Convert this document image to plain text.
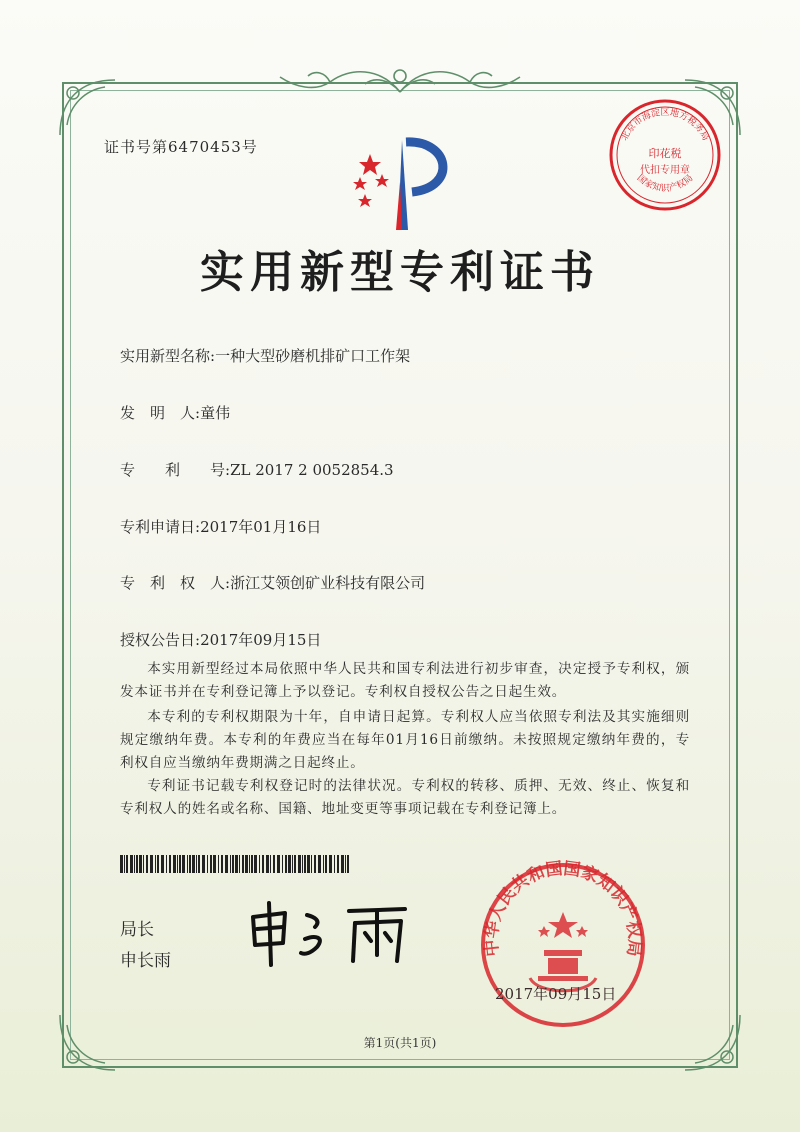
证书号第6470453号
北京市海淀区地方税务局
印花税
代扣专用章
国家知识产权局
实用新型专利证书
实用新型名称:一种大型砂磨机排矿口工作架
发　明　人:童伟
专　　利　　号:ZL 2017 2 0052854.3
专利申请日:2017年01月16日
专　利　权　人:浙江艾领创矿业科技有限公司
授权公告日:2017年09月15日
本实用新型经过本局依照中华人民共和国专利法进行初步审查，决定授予专利权，颁发本证书并在专利登记簿上予以登记。专利权自授权公告之日起生效。
本专利的专利权期限为十年，自申请日起算。专利权人应当依照专利法及其实施细则规定缴纳年费。本专利的年费应当在每年01月16日前缴纳。未按照规定缴纳年费的，专利权自应当缴纳年费期满之日起终止。
专利证书记载专利权登记时的法律状况。专利权的转移、质押、无效、终止、恢复和专利权人的姓名或名称、国籍、地址变更等事项记载在专利登记簿上。
局长
申长雨
中华人民共和国国家知识产权局
2017年09月15日
第1页(共1页)
